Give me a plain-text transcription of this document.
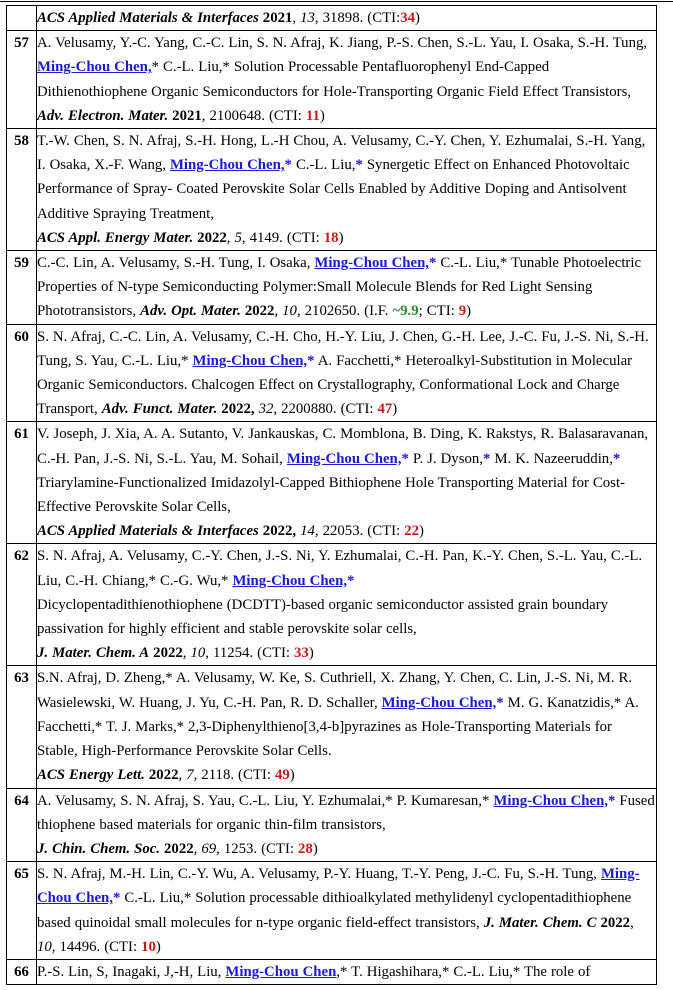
	ACS Applied Materials & Interfaces 2021, 13, 31898. (CTI:34)
57	A. Velusamy, Y.-C. Yang, C.-C. Lin, S. N. Afraj, K. Jiang, P.-S. Chen, S.-L. Yau, I. Osaka, S.-H. Tung, Ming-Chou Chen,* C.-L. Liu,* Solution Processable Pentafluorophenyl End-Capped Dithienothiophene Organic Semiconductors for Hole-Transporting Organic Field Effect Transistors, Adv. Electron. Mater. 2021, 2100648. (CTI: 11)
58	T.-W. Chen, S. N. Afraj, S.-H. Hong, L.-H Chou, A. Velusamy, C.-Y. Chen, Y. Ezhumalai, S.-H. Yang, I. Osaka, X.-F. Wang, Ming-Chou Chen,* C.-L. Liu,* Synergetic Effect on Enhanced Photovoltaic Performance of Spray- Coated Perovskite Solar Cells Enabled by Additive Doping and Antisolvent Additive Spraying Treatment,
ACS Appl. Energy Mater. 2022, 5, 4149. (CTI: 18)
59	C.-C. Lin, A. Velusamy, S.-H. Tung, I. Osaka, Ming-Chou Chen,* C.-L. Liu,* Tunable Photoelectric Properties of N-type Semiconducting Polymer:Small Molecule Blends for Red Light Sensing Phototransistors, Adv. Opt. Mater. 2022, 10, 2102650. (I.F. ~9.9; CTI: 9)
60	S. N. Afraj, C.-C. Lin, A. Velusamy, C.-H. Cho, H.-Y. Liu, J. Chen, G.-H. Lee, J.-C. Fu, J.-S. Ni, S.-H. Tung, S. Yau, C.-L. Liu,* Ming-Chou Chen,* A. Facchetti,* Heteroalkyl-Substitution in Molecular Organic Semiconductors. Chalcogen Effect on Crystallography, Conformational Lock and Charge Transport, Adv. Funct. Mater. 2022, 32, 2200880. (CTI: 47)
61	V. Joseph, J. Xia, A. A. Sutanto, V. Jankauskas, C. Momblona, B. Ding, K. Rakstys, R. Balasaravanan, C.-H. Pan, J.-S. Ni, S.-L. Yau, M. Sohail, Ming-Chou Chen,* P. J. Dyson,* M. K. Nazeeruddin,* Triarylamine-Functionalized Imidazolyl-Capped Bithiophene Hole Transporting Material for Cost-Effective Perovskite Solar Cells,
ACS Applied Materials & Interfaces 2022, 14, 22053. (CTI: 22)
62	S. N. Afraj, A. Velusamy, C.-Y. Chen, J.-S. Ni, Y. Ezhumalai, C.-H. Pan, K.-Y. Chen, S.-L. Yau, C.-L. Liu, C.-H. Chiang,* C.-G. Wu,* Ming-Chou Chen,*
Dicyclopentadithienothiophene (DCDTT)-based organic semiconductor assisted grain boundary passivation for highly efficient and stable perovskite solar cells,
J. Mater. Chem. A 2022, 10, 11254. (CTI: 33)
63	S.N. Afraj, D. Zheng,* A. Velusamy, W. Ke, S. Cuthriell, X. Zhang, Y. Chen, C. Lin, J.-S. Ni, M. R. Wasielewski, W. Huang, J. Yu, C.-H. Pan, R. D. Schaller, Ming-Chou Chen,* M. G. Kanatzidis,* A. Facchetti,* T. J. Marks,* 2,3-Diphenylthieno[3,4-b]pyrazines as Hole-Transporting Materials for Stable, High-Performance Perovskite Solar Cells.
ACS Energy Lett. 2022, 7, 2118. (CTI: 49)
64	A. Velusamy, S. N. Afraj, S. Yau, C.-L. Liu, Y. Ezhumalai,* P. Kumaresan,* Ming-Chou Chen,* Fused thiophene based materials for organic thin-film transistors,
J. Chin. Chem. Soc. 2022, 69, 1253. (CTI: 28)
65	S. N. Afraj, M.-H. Lin, C.-Y. Wu, A. Velusamy, P.-Y. Huang, T.-Y. Peng, J.-C. Fu, S.-H. Tung, Ming-Chou Chen,* C.-L. Liu,* Solution processable dithioalkylated methylidenyl cyclopentadithiophene based quinoidal small molecules for n-type organic field-effect transistors, J. Mater. Chem. C 2022, 10, 14496. (CTI: 10)
66	P.-S. Lin, S, Inagaki, J,-H, Liu, Ming-Chou Chen,* T. Higashihara,* C.-L. Liu,* The role of
